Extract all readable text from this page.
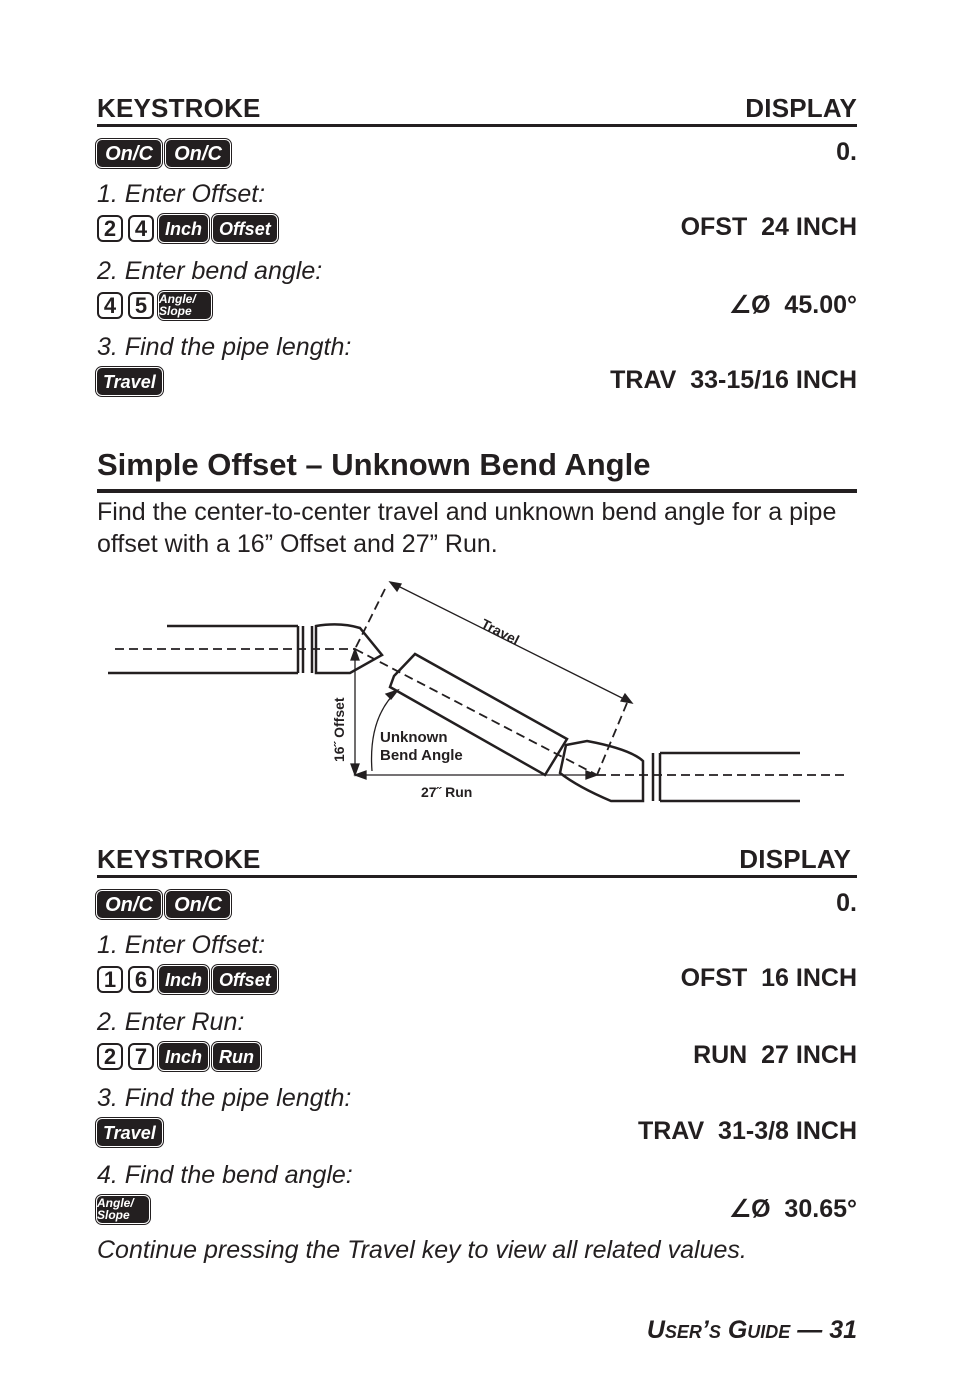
KEYSTROKE	DISPLAY
On/C	On/C	0.
1. Enter Offset:
2 4 Inch Offset	OFST  24 INCH
2. Enter bend angle:
4 5 Angle/ Slope	∠Ø  45.00°
3. Find the pipe length:
Travel	TRAV  33-15/16 INCH
Simple Offset – Unknown Bend Angle
Find the center-to-center travel and unknown bend angle for a pipe offset with a 16” Offset and 27” Run.
Travel
16˝ Offset Unknown
Bend Angle
27˝ Run
KEYSTROKE	DISPLAY
On/C	On/C	0.
1. Enter Offset:
1 6 Inch Offset	OFST  16 INCH
2. Enter Run:
2 7 Inch Run	RUN  27 INCH
3. Find the pipe length:
Travel	TRAV  31-3/8 INCH
4. Find the bend angle:
Angle/ Slope	∠Ø  30.65°
Continue pressing the Travel key to view all related values.
User’s Guide — 31
